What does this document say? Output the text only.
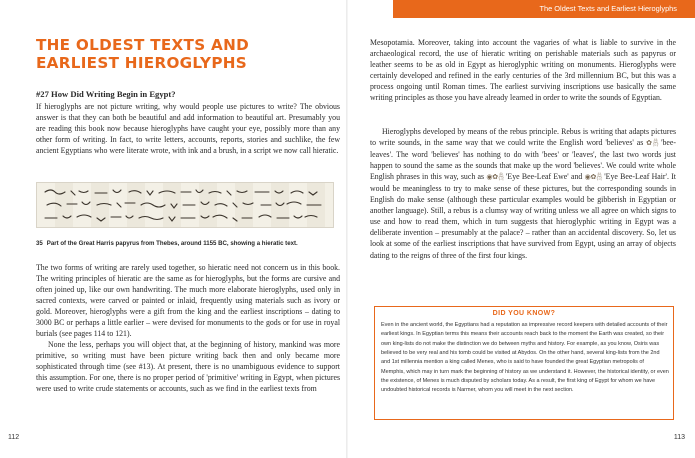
The Oldest Texts and Earliest Hieroglyphs
THE OLDEST TEXTS AND
EARLIEST HIEROGLYPHS
#27 How Did Writing Begin in Egypt?

If hieroglyphs are not picture writing, why would people use pictures to write? The obvious answer is that they can both be beautiful and add information to beautiful art. Presumably you are reading this book now because hieroglyphs have caught your eye, possibly more than any other form of writing. In fact, to write letters, accounts, reports, stories and suchlike, the few ancient Egyptians who were literate wrote, with ink and a brush, in a script we now call hieratic.

35 Part of the Great Harris papyrus from Thebes, around 1155 BC, showing a hieratic text.

The two forms of writing are rarely used together, so hieratic need not concern us in this book. The writing principles of hieratic are the same as for hieroglyphs, but the forms are cursive and often joined up, like our own handwriting. The much more elaborate hieroglyphs, used only in sacred contexts, were carved or painted or inlaid, frequently using materials such as ivory or gold. Moreover, hieroglyphs were a gift from the king and the earliest inscriptions – dating to 3000 BC or perhaps a little earlier – were devised for monuments to the gods or for use in royal burials (see pages 114 to 121).

None the less, perhaps you will object that, at the beginning of history, mankind was more primitive, so writing must have been picture writing back then and only became more sophisticated through time (see #13). At present, there is no unambiguous evidence to support this assumption. For one, there is no proper period of 'primitive' writing in Egypt, when pictures were used to write crude statements or accounts, such as we find in the earliest texts from

112

Mesopotamia. Moreover, taking into account the vagaries of what is liable to survive in the archaeological record, the use of hieratic writing on perishable materials such as papyrus or leather seems to be as old in Egypt as hieroglyphic writing on monuments. Hieroglyphs were certainly developed and refined in the early centuries of the 3rd millennium BC, but this was a process ongoing until Roman times. The earliest surviving inscriptions use basically the same writing principles as those you have already learned in order to write the sounds of Egyptian.

Hieroglyphs developed by means of the rebus principle. Rebus is writing that adapts pictures to write sounds, in the same way that we could write the English word 'believes' as ✿𓆣 'bee-leaves'. The word 'believes' has nothing to do with 'bees' or 'leaves', the last two words just happen to sound the same as the sounds that make up the word 'believes'. We could write whole English phrases in this way, such as ◉✿𓆣 'Eye Bee-Leaf Ewe' and ◉✿𓆣 'Eye Bee-Leaf Hair'. It would be meaningless to try to make sense of these pictures, but the corresponding sounds in English do make sense (although these particular examples would be gibberish in Egyptian or another language). Still, a rebus is a clumsy way of writing unless we all agree on which signs to use and how to read them, which in turn suggests that hieroglyphic writing in Egypt was a deliberate invention – presumably at the palace? – rather than an accidental discovery. So, let us look at some of the earliest inscriptions that have survived from Egypt, using an array of objects dating to the reigns of three of the first four kings.

DID YOU KNOW?

Even in the ancient world, the Egyptians had a reputation as impressive record keepers with detailed accounts of their earliest kings. In Egyptian terms this means their accounts reach back to the moment the Earth was created, so their own king-lists do not make the distinction we do between myths and history. For example, as you know, Osiris was believed to be very real and his tomb could be visited at Abydos. On the other hand, several king-lists from the 2nd and 1st millennia mention a king called Menes, who is said to have founded the great Egyptian metropolis of Memphis, which may in turn mark the beginning of history as we understand it. However, the historical identity, or even the existence, of Menes is much disputed by scholars today. As a result, the first king of Egypt for whom we have undoubted historical records is Narmer, whom you will meet in the next section.

113
